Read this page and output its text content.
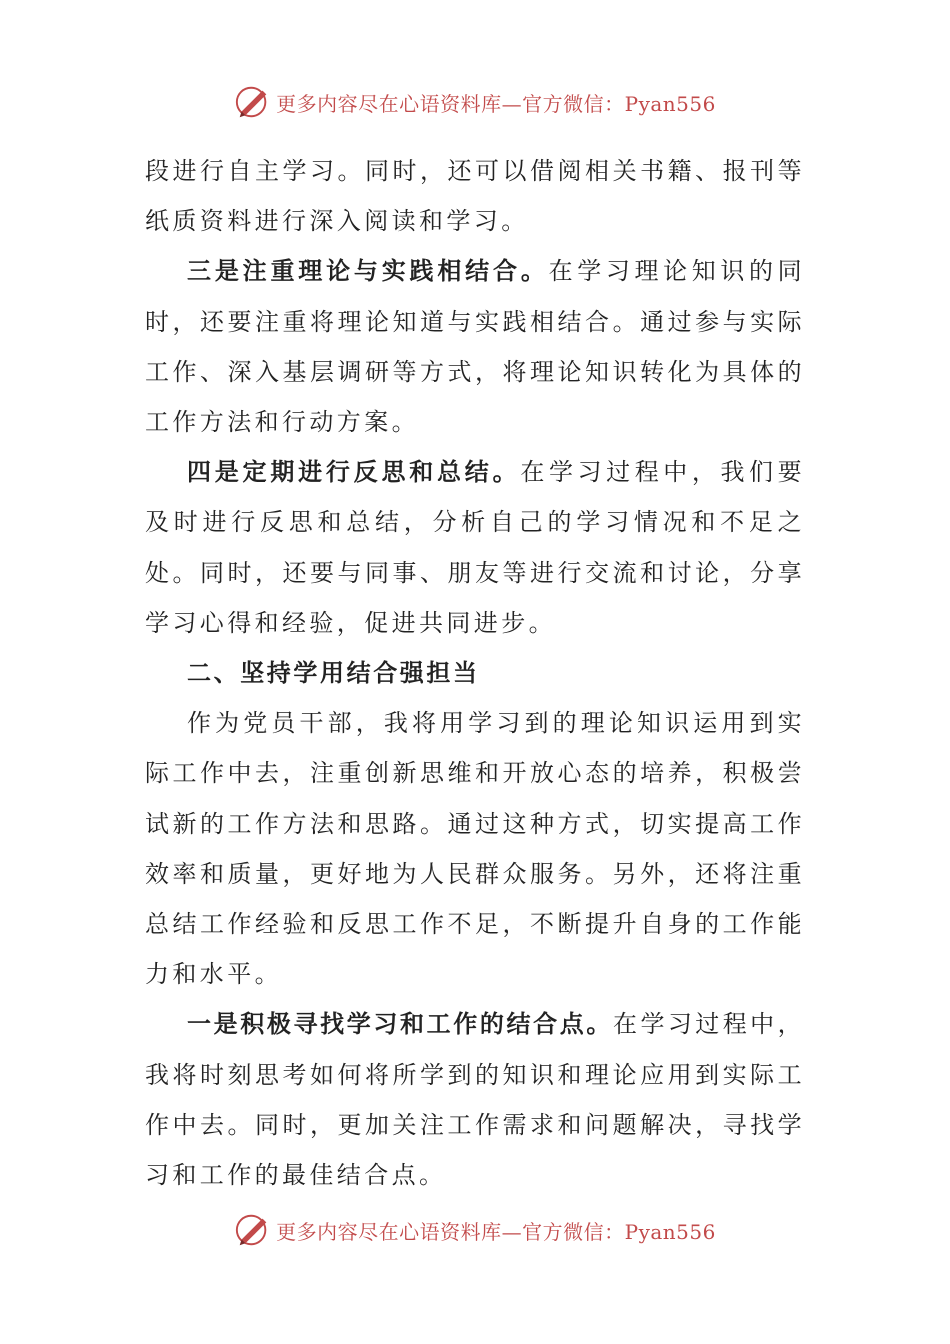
更多内容尽在心语资料库—官方微信：Pyan556

段进行自主学习。同时，还可以借阅相关书籍、报刊等纸质资料进行深入阅读和学习。

三是注重理论与实践相结合。在学习理论知识的同时，还要注重将理论知道与实践相结合。通过参与实际工作、深入基层调研等方式，将理论知识转化为具体的工作方法和行动方案。

四是定期进行反思和总结。在学习过程中，我们要及时进行反思和总结，分析自己的学习情况和不足之处。同时，还要与同事、朋友等进行交流和讨论，分享学习心得和经验，促进共同进步。

二、坚持学用结合强担当

作为党员干部，我将用学习到的理论知识运用到实际工作中去，注重创新思维和开放心态的培养，积极尝试新的工作方法和思路。通过这种方式，切实提高工作效率和质量，更好地为人民群众服务。另外，还将注重总结工作经验和反思工作不足，不断提升自身的工作能力和水平。

一是积极寻找学习和工作的结合点。在学习过程中，我将时刻思考如何将所学到的知识和理论应用到实际工作中去。同时，更加关注工作需求和问题解决，寻找学习和工作的最佳结合点。

更多内容尽在心语资料库—官方微信：Pyan556
